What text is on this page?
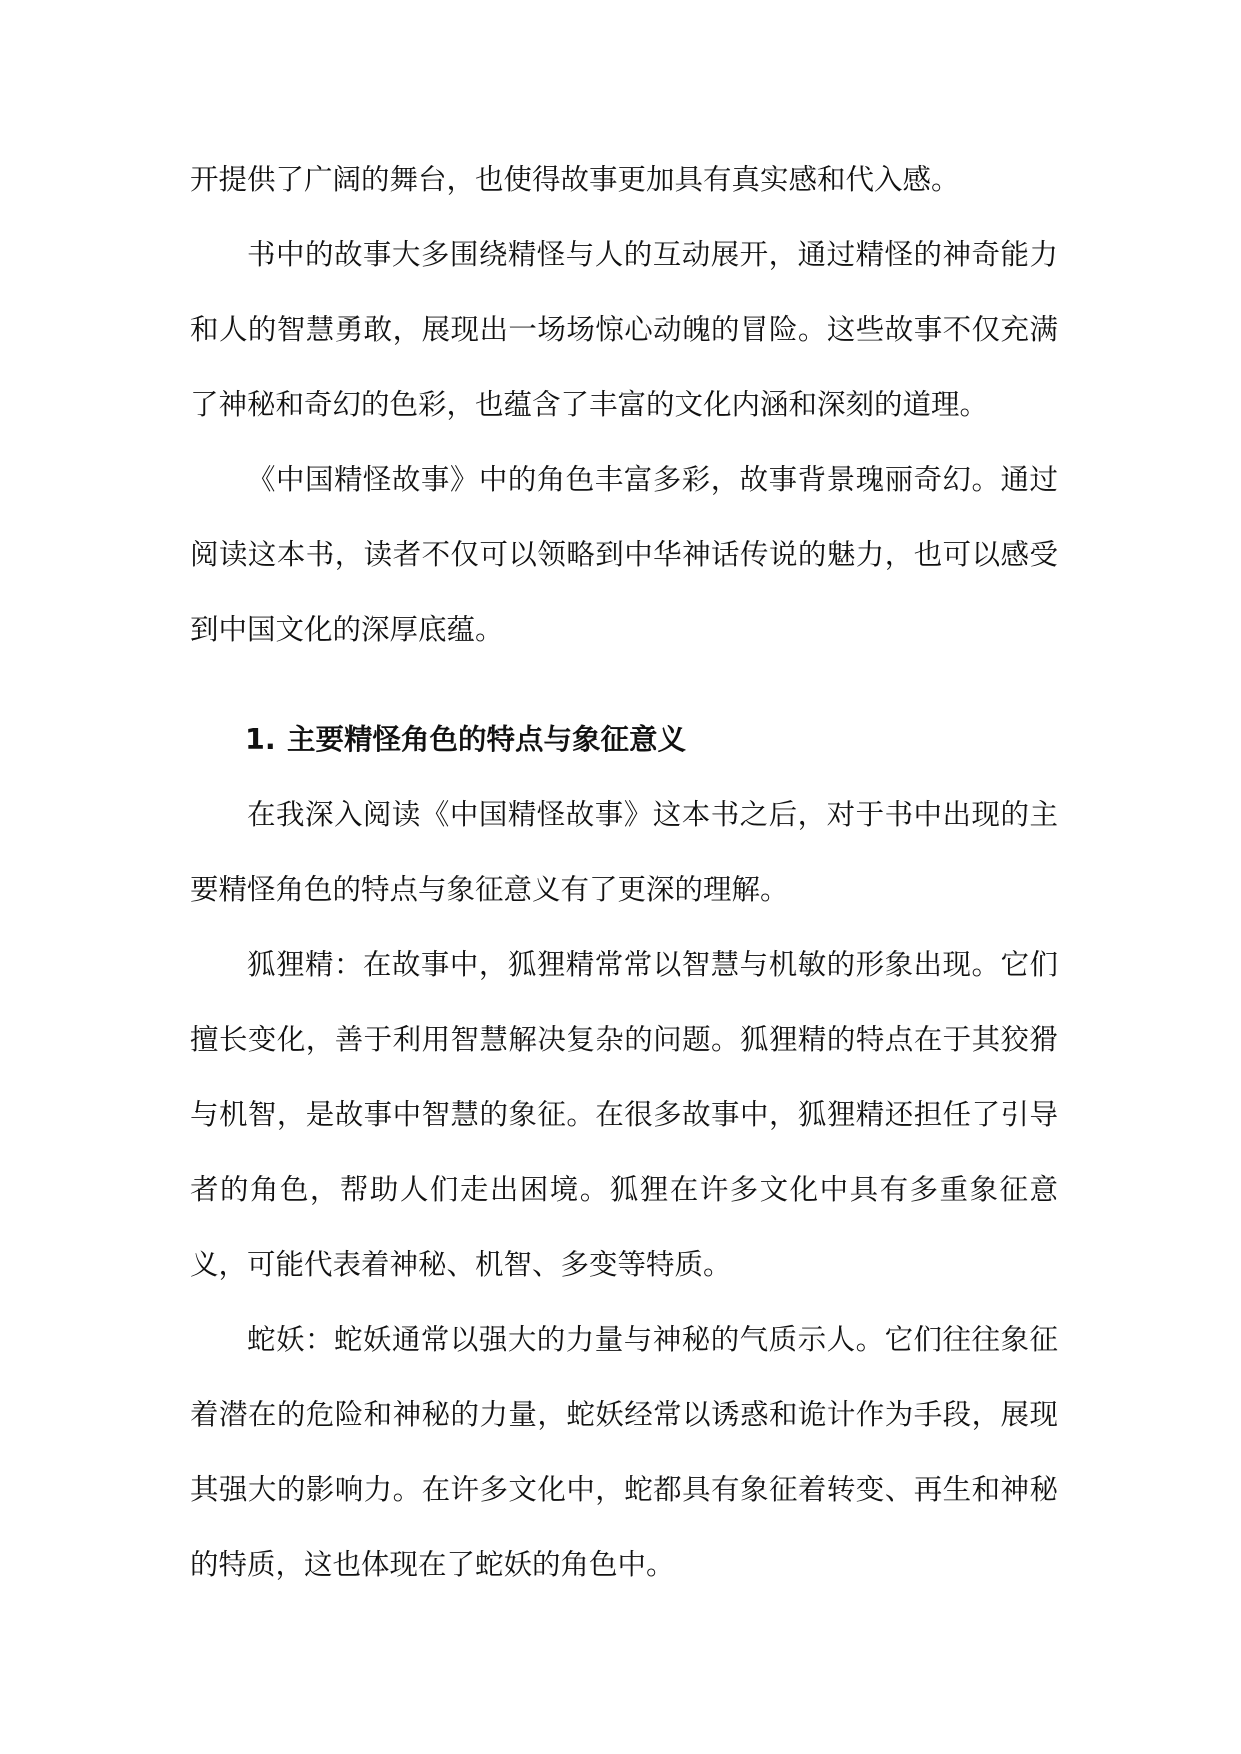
开提供了广阔的舞台，也使得故事更加具有真实感和代入感。

书中的故事大多围绕精怪与人的互动展开，通过精怪的神奇能力和人的智慧勇敢，展现出一场场惊心动魄的冒险。这些故事不仅充满了神秘和奇幻的色彩，也蕴含了丰富的文化内涵和深刻的道理。

《中国精怪故事》中的角色丰富多彩，故事背景瑰丽奇幻。通过阅读这本书，读者不仅可以领略到中华神话传说的魅力，也可以感受到中国文化的深厚底蕴。

1. 主要精怪角色的特点与象征意义

在我深入阅读《中国精怪故事》这本书之后，对于书中出现的主要精怪角色的特点与象征意义有了更深的理解。

狐狸精：在故事中，狐狸精常常以智慧与机敏的形象出现。它们擅长变化，善于利用智慧解决复杂的问题。狐狸精的特点在于其狡猾与机智，是故事中智慧的象征。在很多故事中，狐狸精还担任了引导者的角色，帮助人们走出困境。狐狸在许多文化中具有多重象征意义，可能代表着神秘、机智、多变等特质。

蛇妖：蛇妖通常以强大的力量与神秘的气质示人。它们往往象征着潜在的危险和神秘的力量，蛇妖经常以诱惑和诡计作为手段，展现其强大的影响力。在许多文化中，蛇都具有象征着转变、再生和神秘的特质，这也体现在了蛇妖的角色中。
